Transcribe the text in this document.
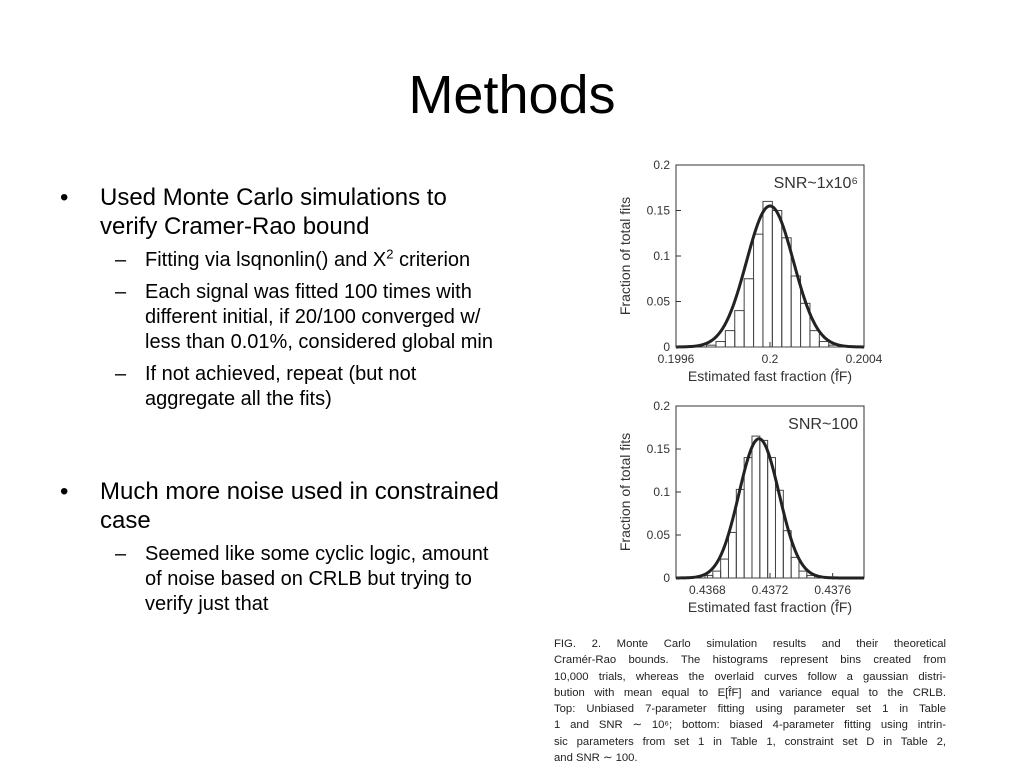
Methods
• Used Monte Carlo simulations to verify Cramer-Rao bound
– Fitting via lsqnonlin() and $X^2$ criterion
– Each signal was fitted 100 times with different initial, if 20/100 converged w/ less than 0.01%, considered global min
– If not achieved, repeat (but not aggregate all the fits)
• Much more noise used in constrained case
– Seemed like some cyclic logic, amount of noise based on CRLB but trying to verify just that
0
0.05
0.1
0.15
0.2
0.1996	0.2	0.2004
SNR~1x10⁶
Estimated fast fraction (f̂F)
Fraction of total fits
0
0.05
0.1
0.15
0.2
0.4368 0.4372 0.4376
SNR~100
Estimated fast fraction (f̂F)
Fraction of total fits
FIG. 2. Monte Carlo simulation results and their theoretical
Cramér-Rao bounds. The histograms represent bins created from
10,000 trials, whereas the overlaid curves follow a gaussian distri-
bution with mean equal to E[f̂F] and variance equal to the CRLB.
Top: Unbiased 7-parameter fitting using parameter set 1 in Table
1 and SNR ∼ 10⁶; bottom: biased 4-parameter fitting using intrin-
sic parameters from set 1 in Table 1, constraint set D in Table 2,
and SNR ∼ 100.
